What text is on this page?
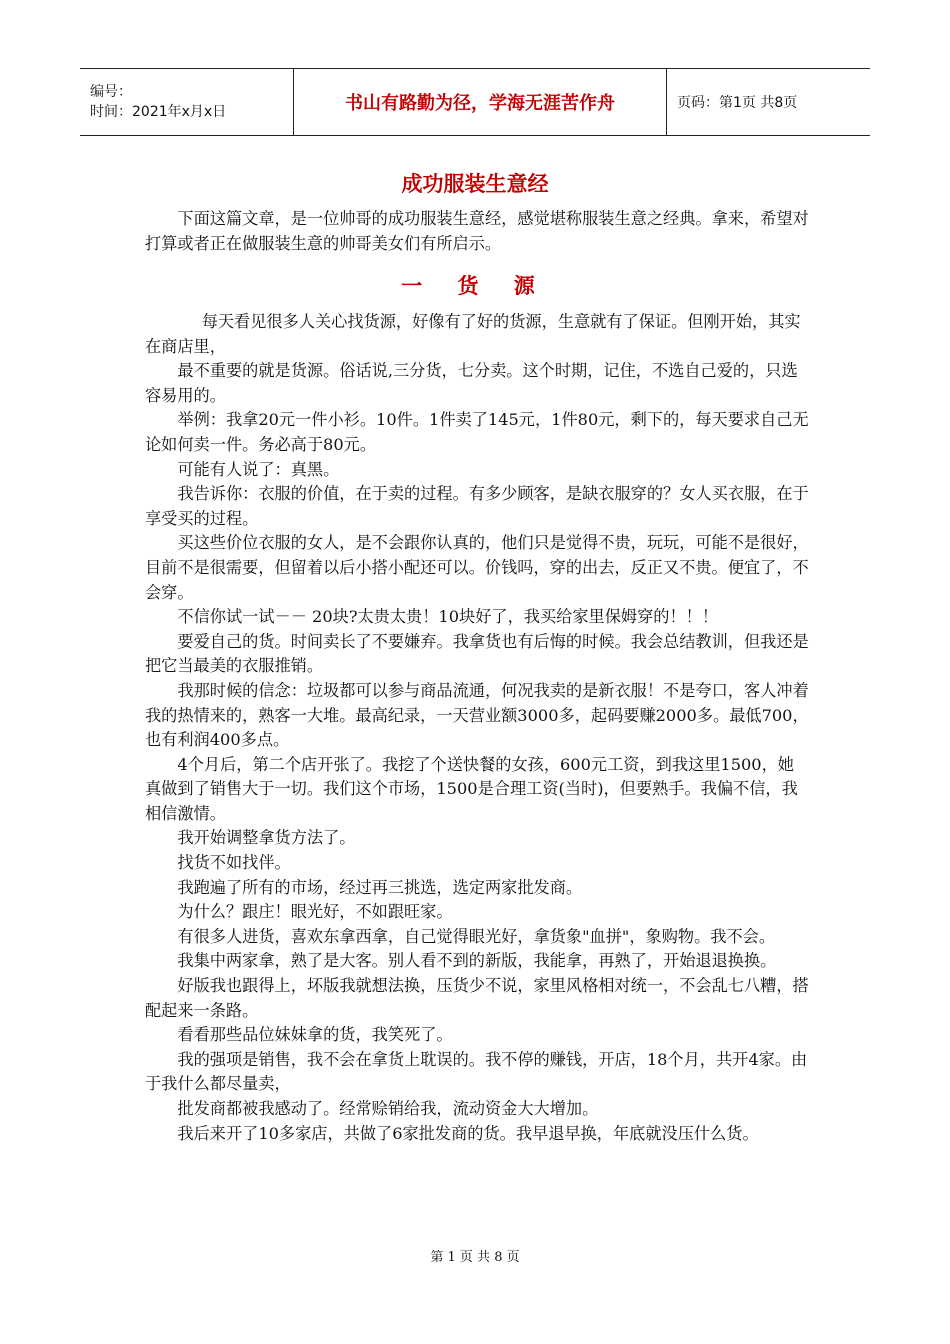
编号：
时间：2021年x月x日	书山有路勤为径，学海无涯苦作舟	页码：第1页 共8页
成功服装生意经

下面这篇文章，是一位帅哥的成功服装生意经，感觉堪称服装生意之经典。拿来，希望对打算或者正在做服装生意的帅哥美女们有所启示。

一 货 源

每天看见很多人关心找货源，好像有了好的货源，生意就有了保证。但刚开始，其实在商店里，

最不重要的就是货源。俗话说,三分货，七分卖。这个时期，记住，不选自己爱的，只选容易用的。

举例：我拿20元一件小衫。10件。1件卖了145元，1件80元，剩下的，每天要求自己无论如何卖一件。务必高于80元。

可能有人说了：真黑。

我告诉你：衣服的价值，在于卖的过程。有多少顾客，是缺衣服穿的？女人买衣服，在于享受买的过程。

买这些价位衣服的女人，是不会跟你认真的，他们只是觉得不贵，玩玩，可能不是很好，目前不是很需要，但留着以后小搭小配还可以。价钱吗，穿的出去，反正又不贵。便宜了，不会穿。

不信你试一试－－ 20块?太贵太贵！10块好了，我买给家里保姆穿的！！！

要爱自己的货。时间卖长了不要嫌弃。我拿货也有后悔的时候。我会总结教训，但我还是把它当最美的衣服推销。

我那时候的信念：垃圾都可以参与商品流通，何况我卖的是新衣服！不是夸口，客人冲着我的热情来的，熟客一大堆。最高纪录，一天营业额3000多，起码要赚2000多。最低700，也有利润400多点。

4个月后，第二个店开张了。我挖了个送快餐的女孩，600元工资，到我这里1500，她真做到了销售大于一切。我们这个市场，1500是合理工资(当时)，但要熟手。我偏不信，我相信激情。

我开始调整拿货方法了。

找货不如找伴。

我跑遍了所有的市场，经过再三挑选，选定两家批发商。

为什么？跟庄！眼光好，不如跟旺家。

有很多人进货，喜欢东拿西拿，自己觉得眼光好，拿货象"血拼"，象购物。我不会。

我集中两家拿，熟了是大客。别人看不到的新版，我能拿，再熟了，开始退退换换。

好版我也跟得上，坏版我就想法换，压货少不说，家里风格相对统一，不会乱七八糟，搭配起来一条路。

看看那些品位妹妹拿的货，我笑死了。

我的强项是销售，我不会在拿货上耽误的。我不停的赚钱，开店，18个月，共开4家。由于我什么都尽量卖，

批发商都被我感动了。经常赊销给我，流动资金大大增加。

我后来开了10多家店，共做了6家批发商的货。我早退早换，年底就没压什么货。

第 1 页 共 8 页
